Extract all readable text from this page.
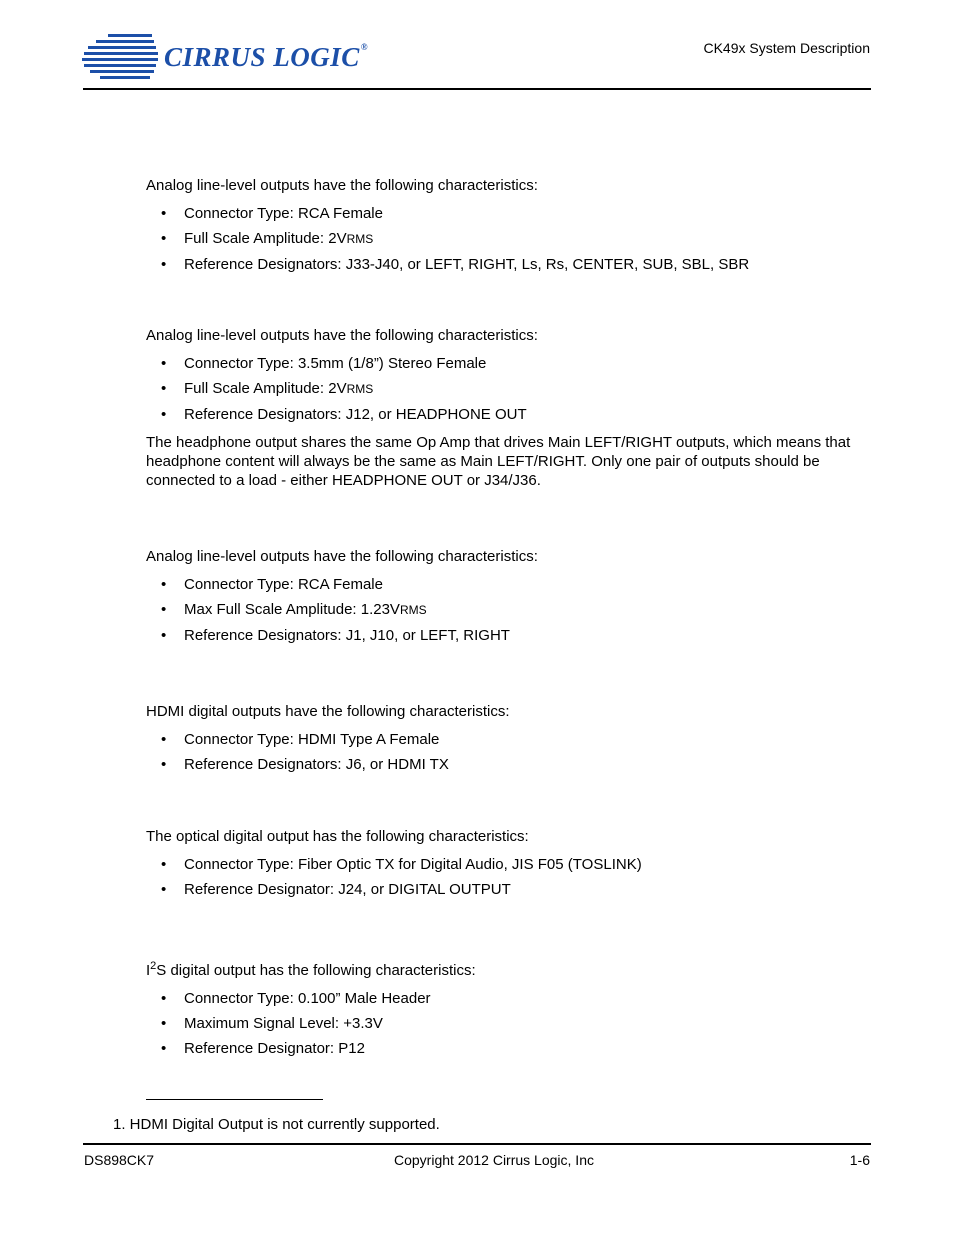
CIRRUS LOGIC®	CK49x System Description

Analog line-level outputs have the following characteristics:

• Connector Type: RCA Female
• Full Scale Amplitude: 2VRMS
• Reference Designators: J33-J40, or LEFT, RIGHT, Ls, Rs, CENTER, SUB, SBL, SBR

Analog line-level outputs have the following characteristics:

• Connector Type: 3.5mm (1/8”) Stereo Female
• Full Scale Amplitude: 2VRMS
• Reference Designators: J12, or HEADPHONE OUT

The headphone output shares the same Op Amp that drives Main LEFT/RIGHT outputs, which means that headphone content will always be the same as Main LEFT/RIGHT. Only one pair of outputs should be connected to a load - either HEADPHONE OUT or J34/J36.

Analog line-level outputs have the following characteristics:

• Connector Type: RCA Female
• Max Full Scale Amplitude: 1.23VRMS
• Reference Designators: J1, J10, or LEFT, RIGHT

HDMI digital outputs have the following characteristics:

• Connector Type: HDMI Type A Female
• Reference Designators: J6, or HDMI TX

The optical digital output has the following characteristics:

• Connector Type: Fiber Optic TX for Digital Audio, JIS F05 (TOSLINK)
• Reference Designator: J24, or DIGITAL OUTPUT

$I^2S$ digital output has the following characteristics:

• Connector Type: 0.100” Male Header
• Maximum Signal Level: +3.3V
• Reference Designator: P12
1. HDMI Digital Output is not currently supported.
DS898CK7	Copyright 2012 Cirrus Logic, Inc	1-6
